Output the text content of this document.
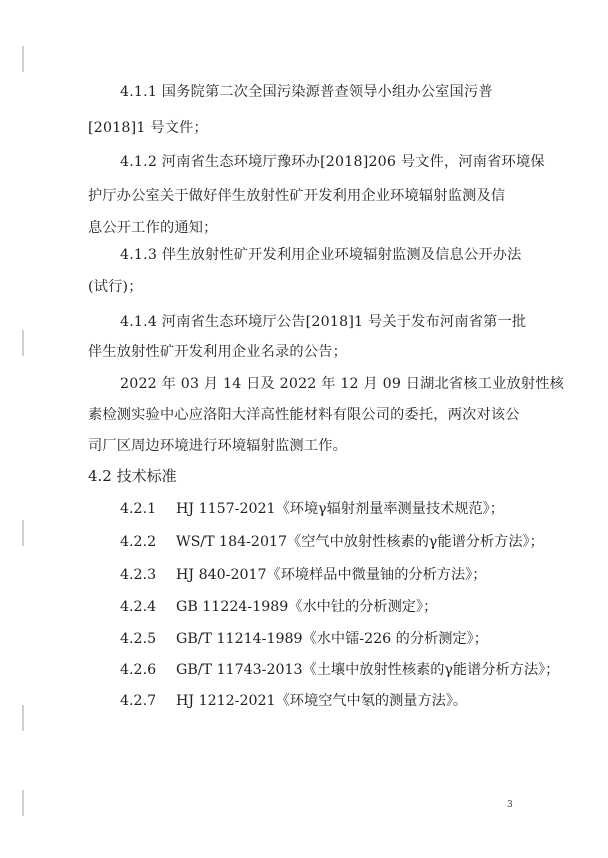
4.1.1 国务院第二次全国污染源普查领导小组办公室国污普
[2018]1 号文件；
4.1.2 河南省生态环境厅豫环办[2018]206 号文件，河南省环境保
护厅办公室关于做好伴生放射性矿开发利用企业环境辐射监测及信
息公开工作的通知；
4.1.3 伴生放射性矿开发利用企业环境辐射监测及信息公开办法
(试行)；
4.1.4 河南省生态环境厅公告[2018]1 号关于发布河南省第一批
伴生放射性矿开发利用企业名录的公告；
2022 年 03 月 14 日及 2022 年 12 月 09 日湖北省核工业放射性核
素检测实验中心应洛阳大洋高性能材料有限公司的委托，两次对该公
司厂区周边环境进行环境辐射监测工作。
4.2 技术标准
4.2.1 HJ 1157-2021《环境γ辐射剂量率测量技术规范》；
4.2.2 WS/T 184-2017《空气中放射性核素的γ能谱分析方法》；
4.2.3 HJ 840-2017《环境样品中微量铀的分析方法》；
4.2.4 GB 11224-1989《水中钍的分析测定》；
4.2.5 GB/T 11214-1989《水中镭-226 的分析测定》；
4.2.6 GB/T 11743-2013《土壤中放射性核素的γ能谱分析方法》；
4.2.7 HJ 1212-2021《环境空气中氡的测量方法》。
3
